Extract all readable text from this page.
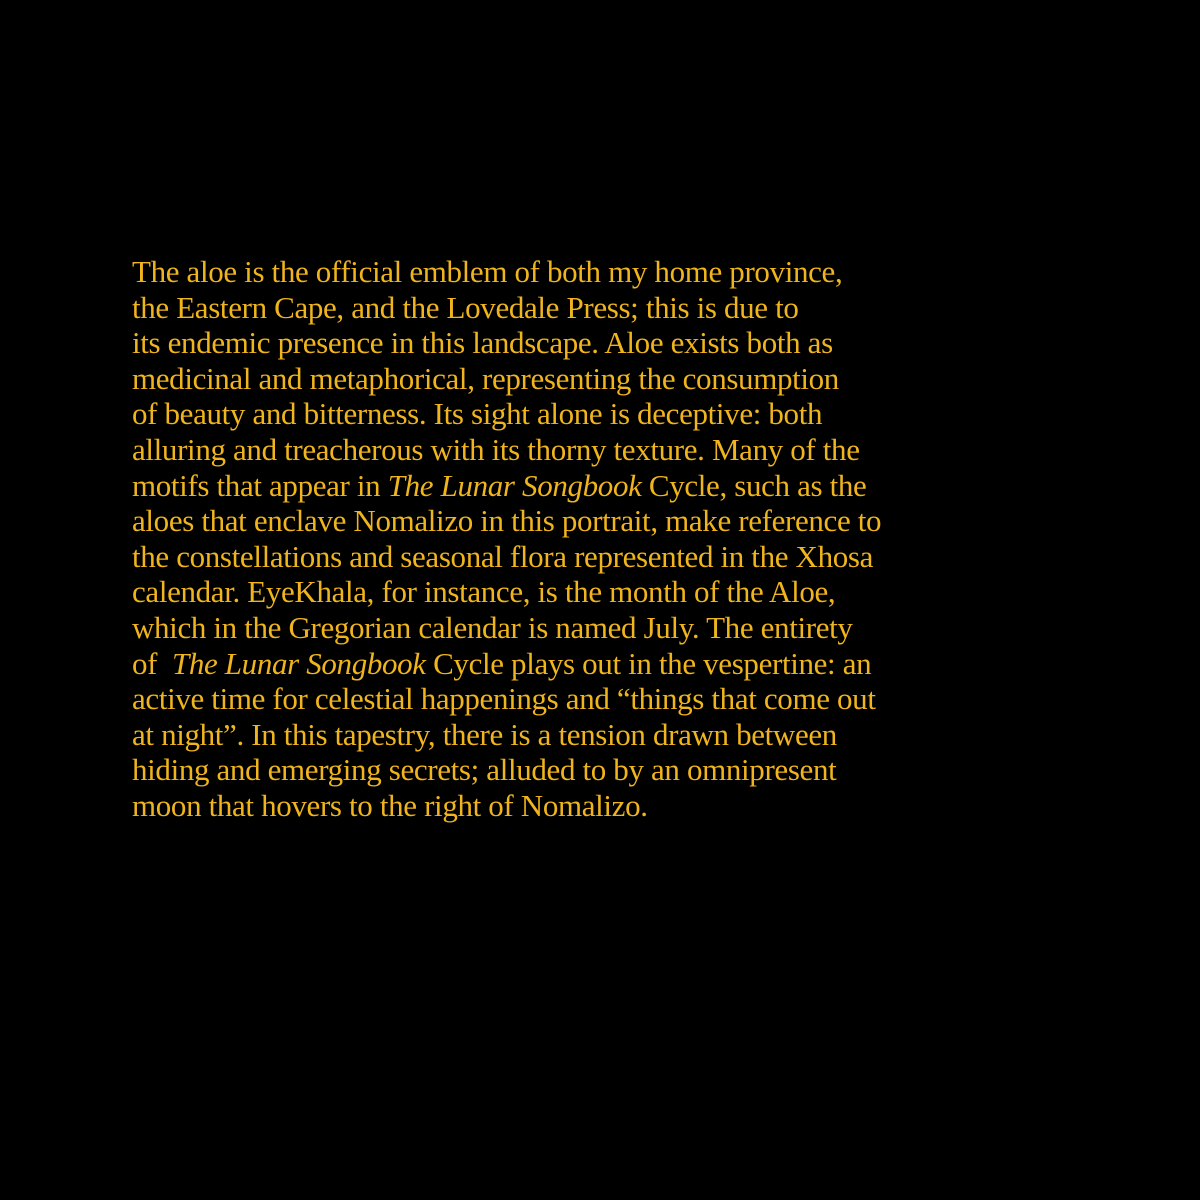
The aloe is the official emblem of both my home province,
the Eastern Cape, and the Lovedale Press; this is due to
its endemic presence in this landscape. Aloe exists both as
medicinal and metaphorical, representing the consumption
of beauty and bitterness. Its sight alone is deceptive: both
alluring and treacherous with its thorny texture. Many of the
motifs that appear in The Lunar Songbook Cycle, such as the
aloes that enclave Nomalizo in this portrait, make reference to
the constellations and seasonal flora represented in the Xhosa
calendar. EyeKhala, for instance, is the month of the Aloe,
which in the Gregorian calendar is named July. The entirety
of  The Lunar Songbook Cycle plays out in the vespertine: an
active time for celestial happenings and “things that come out
at night”. In this tapestry, there is a tension drawn between
hiding and emerging secrets; alluded to by an omnipresent
moon that hovers to the right of Nomalizo.
